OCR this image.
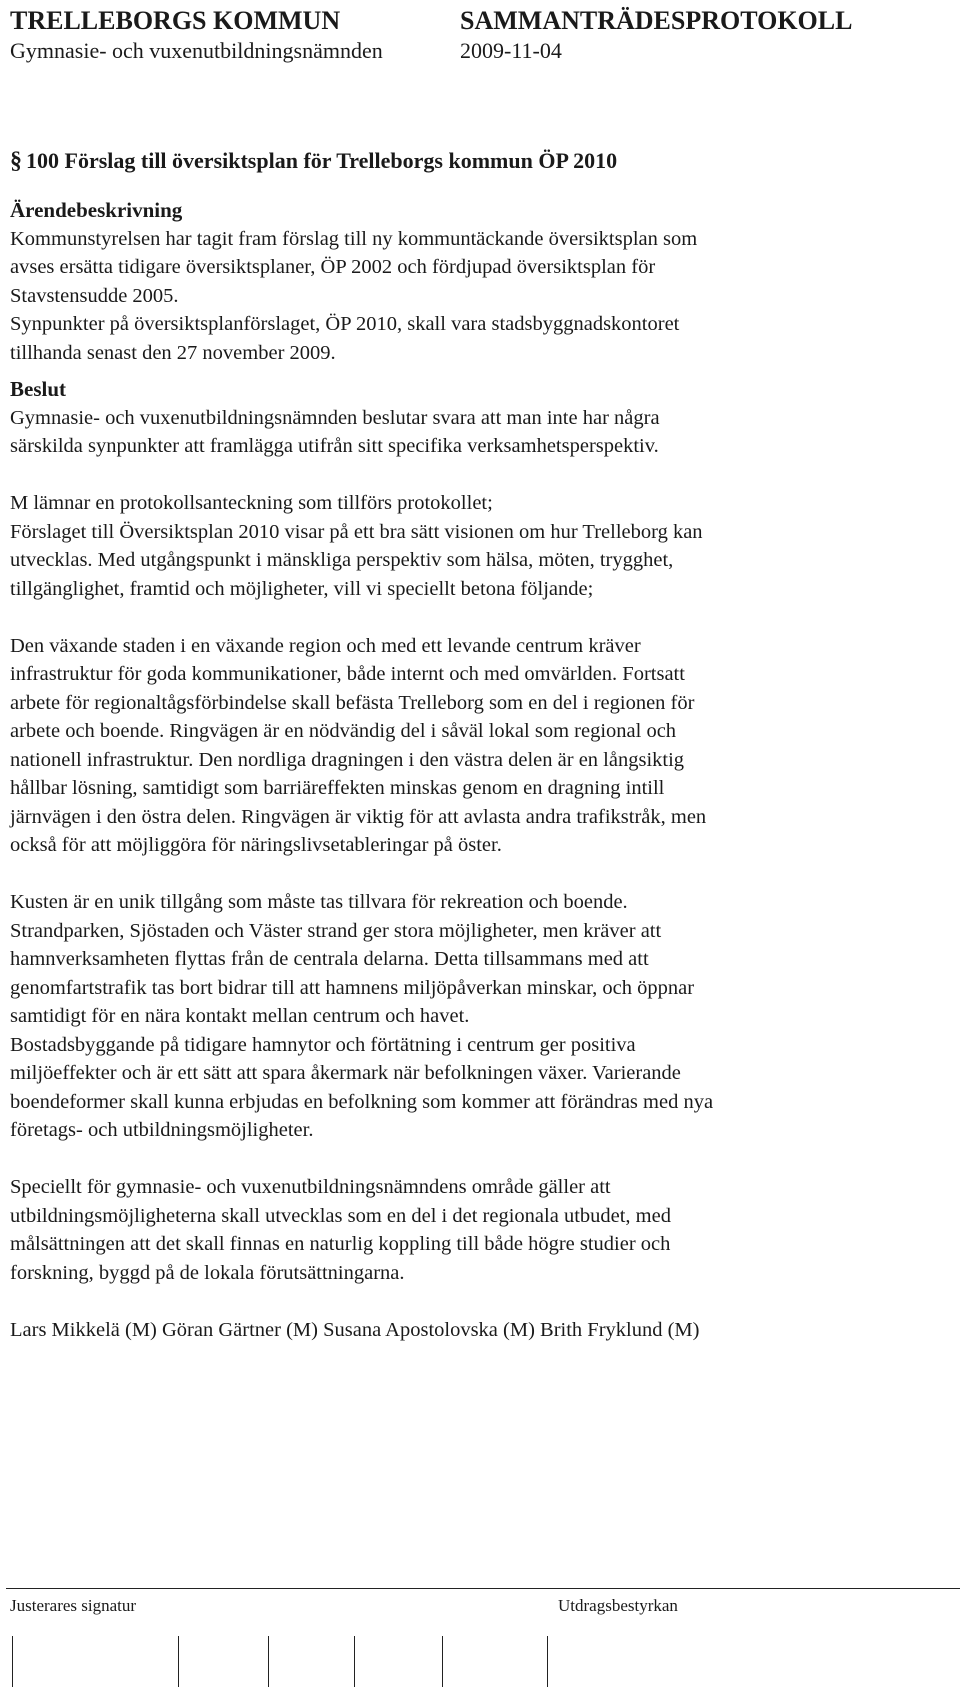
TRELLEBORGS KOMMUN	SAMMANTRÄDESPROTOKOLL
Gymnasie- och vuxenutbildningsnämnden	2009-11-04
§ 100 Förslag till översiktsplan för Trelleborgs kommun ÖP 2010
Ärendebeskrivning
Kommunstyrelsen har tagit fram förslag till ny kommuntäckande översiktsplan som
avses ersätta tidigare översiktsplaner, ÖP 2002 och fördjupad översiktsplan för
Stavstensudde 2005.
Synpunkter på översiktsplanförslaget, ÖP 2010, skall vara stadsbyggnadskontoret
tillhanda senast den 27 november 2009.
Beslut
Gymnasie- och vuxenutbildningsnämnden beslutar svara att man inte har några
särskilda synpunkter att framlägga utifrån sitt specifika verksamhetsperspektiv.
M lämnar en protokollsanteckning som tillförs protokollet;
Förslaget till Översiktsplan 2010 visar på ett bra sätt visionen om hur Trelleborg kan
utvecklas. Med utgångspunkt i mänskliga perspektiv som hälsa, möten, trygghet,
tillgänglighet, framtid och möjligheter, vill vi speciellt betona följande;
Den växande staden i en växande region och med ett levande centrum kräver
infrastruktur för goda kommunikationer, både internt och med omvärlden. Fortsatt
arbete för regionaltågsförbindelse skall befästa Trelleborg som en del i regionen för
arbete och boende. Ringvägen är en nödvändig del i såväl lokal som regional och
nationell infrastruktur. Den nordliga dragningen i den västra delen är en långsiktig
hållbar lösning, samtidigt som barriäreffekten minskas genom en dragning intill
järnvägen i den östra delen. Ringvägen är viktig för att avlasta andra trafikstråk, men
också för att möjliggöra för näringslivsetableringar på öster.
Kusten är en unik tillgång som måste tas tillvara för rekreation och boende.
Strandparken, Sjöstaden och Väster strand ger stora möjligheter, men kräver att
hamnverksamheten flyttas från de centrala delarna. Detta tillsammans med att
genomfartstrafik tas bort bidrar till att hamnens miljöpåverkan minskar, och öppnar
samtidigt för en nära kontakt mellan centrum och havet.
Bostadsbyggande på tidigare hamnytor och förtätning i centrum ger positiva
miljöeffekter och är ett sätt att spara åkermark när befolkningen växer. Varierande
boendeformer skall kunna erbjudas en befolkning som kommer att förändras med nya
företags- och utbildningsmöjligheter.
Speciellt för gymnasie- och vuxenutbildningsnämndens område gäller att
utbildningsmöjligheterna skall utvecklas som en del i det regionala utbudet, med
målsättningen att det skall finnas en naturlig koppling till både högre studier och
forskning, byggd på de lokala förutsättningarna.
Lars Mikkelä (M) Göran Gärtner (M) Susana Apostolovska (M) Brith Fryklund (M)
Justerares signatur	Utdragsbestyrkan
